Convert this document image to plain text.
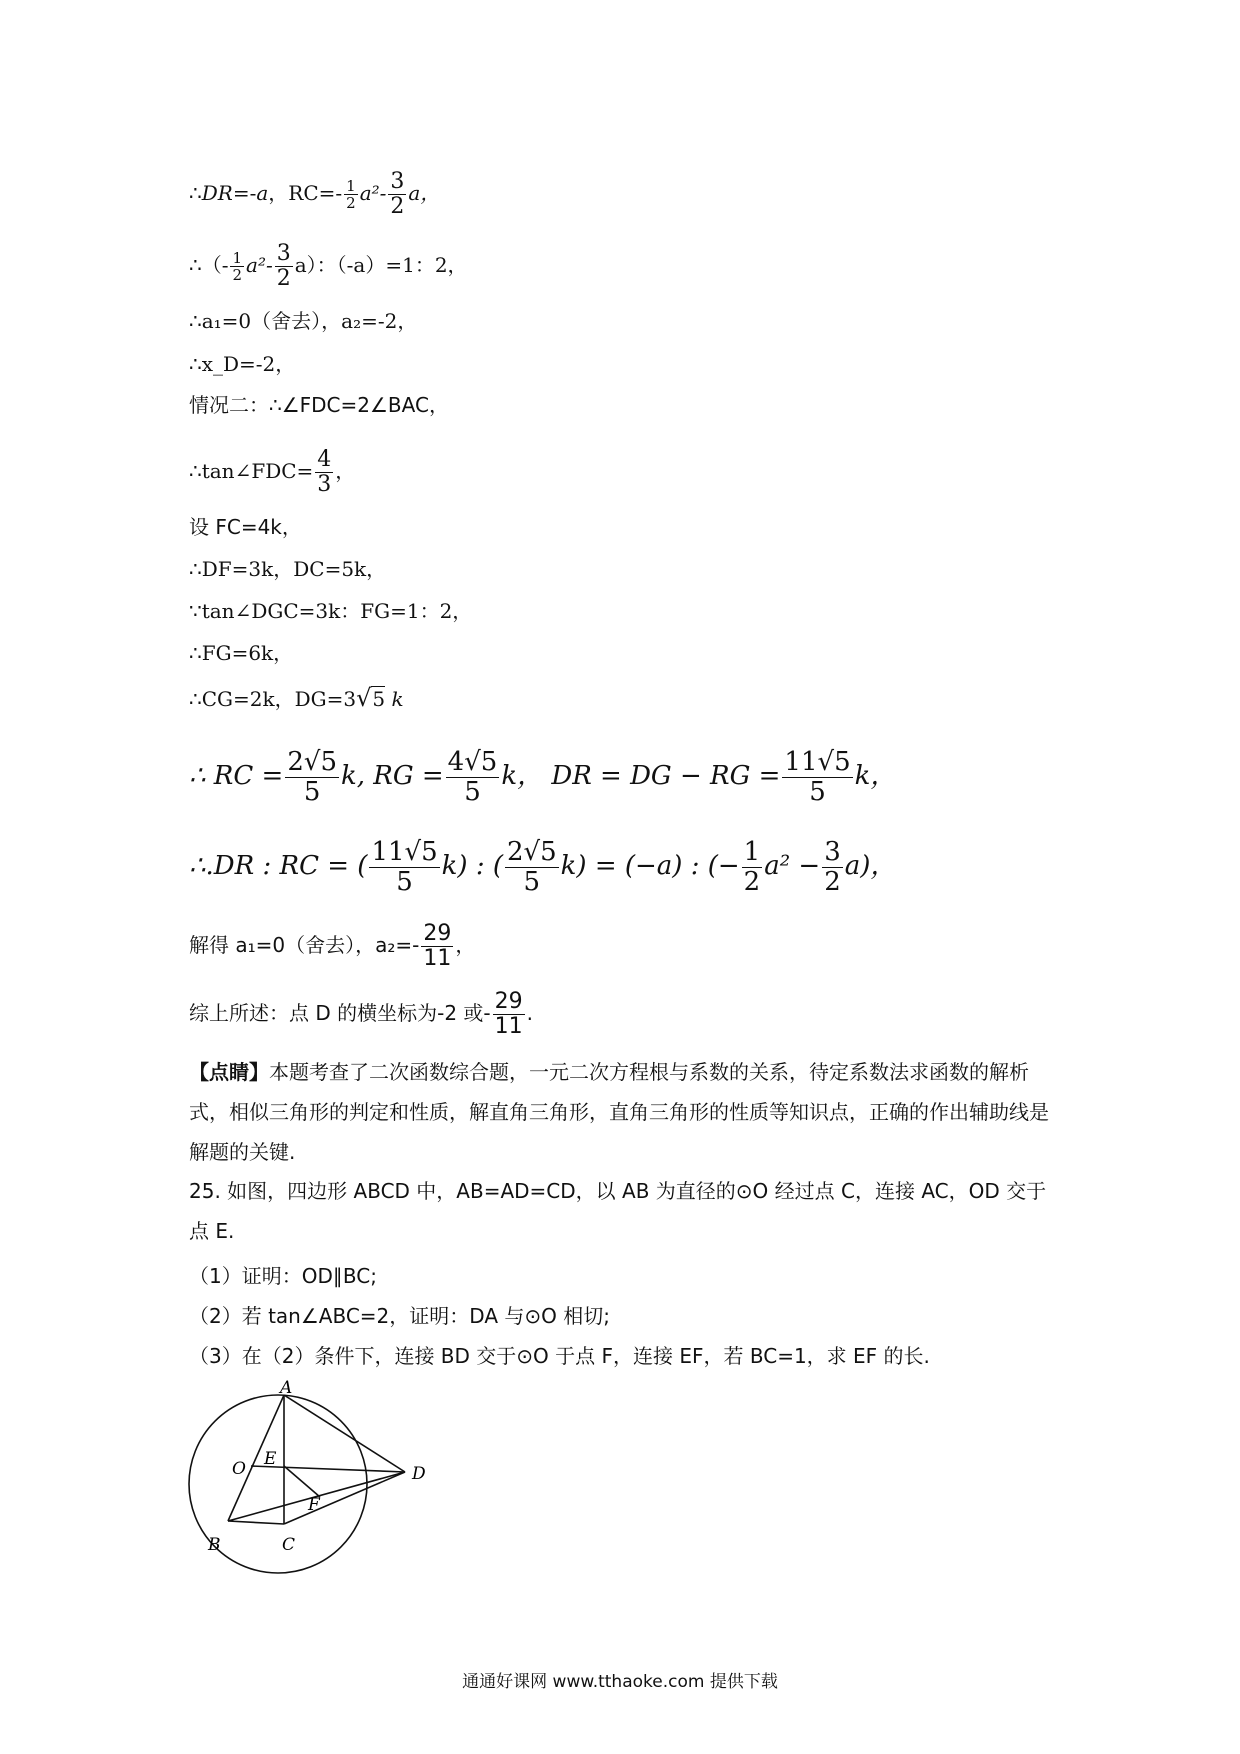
∴DR=-a，$RC=- \frac{1}{2} a^2- \frac{3}{2}$ a，
∴（- $\frac{1}{2} a^2- \frac{3}{2} a$）：（-a）=1：2，
∴a₁=0（舍去），a₂=-2，
∴x_D=-2，
情况二：∴∠FDC=2∠BAC，
∴tan∠FDC= $\frac{4}{3}$ ，
设 FC=4k，
∴DF=3k，DC=5k，
∵tan∠DGC=3k：FG=1：2，
∴FG=6k，
∴CG=2k，DG=3√5 k
∴ RC = $\frac{2√5}{5} k$, RG = $\frac{4√5}{5}$ k， DR = DG − RG = $\frac{11√5}{5}$ k，
∴.DR : RC = ( $\frac{11√5}{5} k$) : ( $\frac{2√5}{5} k) = (-a)$ : (− $\frac{1}{2} a^2 - \frac{3}{2} a$)，
解得 a₁=0（舍去），$a_2=- \frac{29}{11}$ ，
综上所述：点 D 的横坐标为-2 或- $\frac{29}{11}$ .
【点睛】本题考查了二次函数综合题，一元二次方程根与系数的关系，待定系数法求函数的解析式，相似三角形的判定和性质，解直角三角形，直角三角形的性质等知识点，正确的作出辅助线是解题的关键.
25. 如图，四边形 ABCD 中，AB=AD=CD，以 AB 为直径的⊙O 经过点 C，连接 AC，OD 交于点 E.
（1）证明：OD∥BC;
（2）若 tan∠ABC=2，证明：DA 与⊙O 相切;
（3）在（2）条件下，连接 BD 交于⊙O 于点 F，连接 EF，若 BC=1，求 EF 的长.
A
B	C
D
E
F
O
通通好课网 www.tthaoke.com 提供下载
